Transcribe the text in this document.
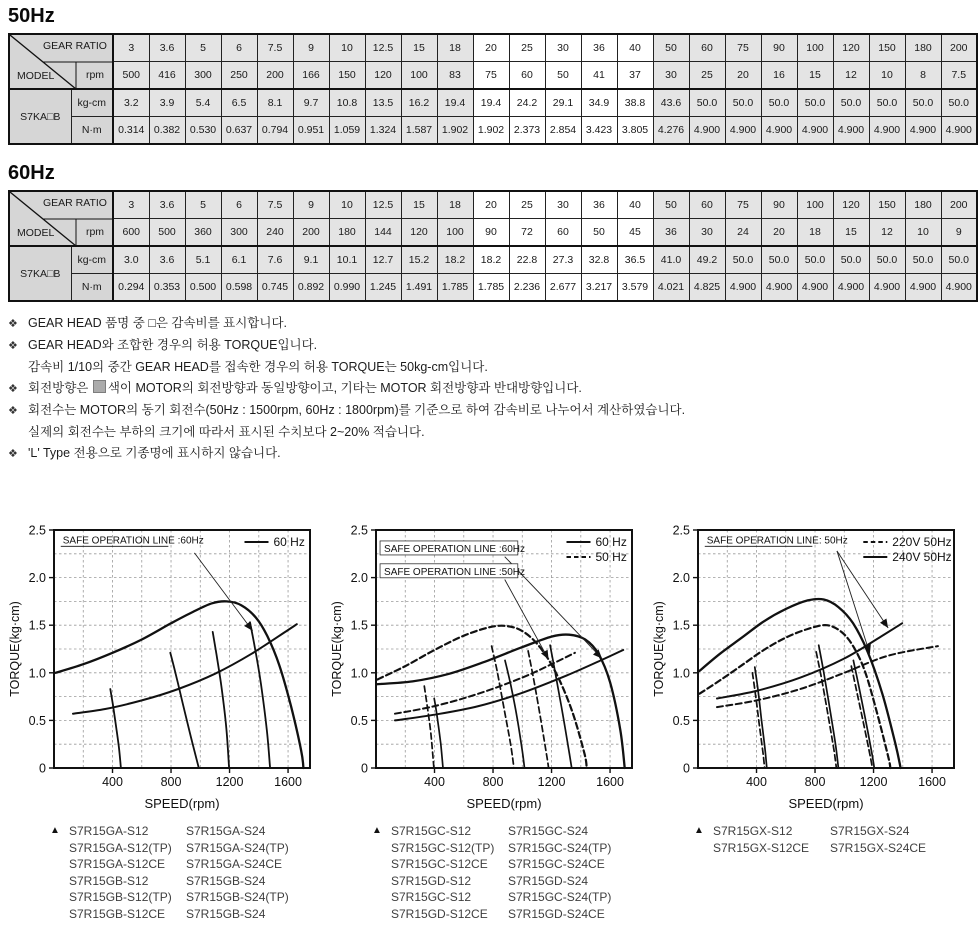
50Hz
GEAR RATIO
MODEL rpm		3	3.6	5	6	7.5	9	10	12.5	15	18	20	25	30	36	40	50	60	75	90	100	120	150	180	200
		500	416	300	250	200	166	150	120	100	83	75	60	50	41	37	30	25	20	16	15	12	10	8	7.5
S7KA□B	kg-cm	3.2	3.9	5.4	6.5	8.1	9.7	10.8	13.5	16.2	19.4	19.4	24.2	29.1	34.9	38.8	43.6	50.0	50.0	50.0	50.0	50.0	50.0	50.0	50.0
	N·m	0.314	0.382	0.530	0.637	0.794	0.951	1.059	1.324	1.587	1.902	1.902	2.373	2.854	3.423	3.805	4.276	4.900	4.900	4.900	4.900	4.900	4.900	4.900	4.900
60Hz
GEAR RATIO
MODEL rpm		3	3.6	5	6	7.5	9	10	12.5	15	18	20	25	30	36	40	50	60	75	90	100	120	150	180	200
		600	500	360	300	240	200	180	144	120	100	90	72	60	50	45	36	30	24	20	18	15	12	10	9
S7KA□B	kg-cm	3.0	3.6	5.1	6.1	7.6	9.1	10.1	12.7	15.2	18.2	18.2	22.8	27.3	32.8	36.5	41.0	49.2	50.0	50.0	50.0	50.0	50.0	50.0	50.0
	N·m	0.294	0.353	0.500	0.598	0.745	0.892	0.990	1.245	1.491	1.785	1.785	2.236	2.677	3.217	3.579	4.021	4.825	4.900	4.900	4.900	4.900	4.900	4.900	4.900
❖ GEAR HEAD 품명 중 □은 감속비를 표시합니다.
❖ GEAR HEAD와 조합한 경우의 허용 TORQUE입니다.
감속비 1/10의 중간 GEAR HEAD를 접속한 경우의 허용 TORQUE는 50kg-cm입니다.
❖ 회전방향은 색이 MOTOR의 회전방향과 동일방향이고, 기타는 MOTOR 회전방향과 반대방향입니다.
❖ 회전수는 MOTOR의 동기 회전수(50Hz : 1500rpm, 60Hz : 1800rpm)를 기준으로 하여 감속비로 나누어서 계산하였습니다.
실제의 회전수는 부하의 크기에 따라서 표시된 수치보다 2~20% 적습니다.
❖ 'L' Type 전용으로 기종명에 표시하지 않습니다.
0
0.5
1.0
1.5
2.0
2.5
400	800	1200 1600
SPEED(rpm)
TORQUE(kg·cm)
SAFE OPERATION LINE :60Hz	60 Hz
▲ S7R15GA-S12	S7R15GA-S24
S7R15GA-S12(TP)	S7R15GA-S24(TP)
S7R15GA-S12CE	S7R15GA-S24CE
S7R15GB-S12	S7R15GB-S24
S7R15GB-S12(TP)	S7R15GB-S24(TP)
S7R15GB-S12CE	S7R15GB-S24
0
0.5
1.0
1.5
2.0
2.5
400	800	1200 1600
SPEED(rpm)
TORQUE(kg·cm)
SAFE OPERATION LINE :60Hz
SAFE OPERATION LINE :50Hz
60 Hz
50 Hz
▲ S7R15GC-S12	S7R15GC-S24
S7R15GC-S12(TP)	S7R15GC-S24(TP)
S7R15GC-S12CE	S7R15GC-S24CE
S7R15GD-S12	S7R15GD-S24
S7R15GC-S12	S7R15GC-S24(TP)
S7R15GD-S12CE	S7R15GD-S24CE
0
0.5
1.0
1.5
2.0
2.5
400	800	1200 1600
SPEED(rpm)
TORQUE(kg·cm)
SAFE OPERATION LINE: 50Hz	220V 50Hz
240V 50Hz
▲ S7R15GX-S12	S7R15GX-S24
S7R15GX-S12CE	S7R15GX-S24CE
